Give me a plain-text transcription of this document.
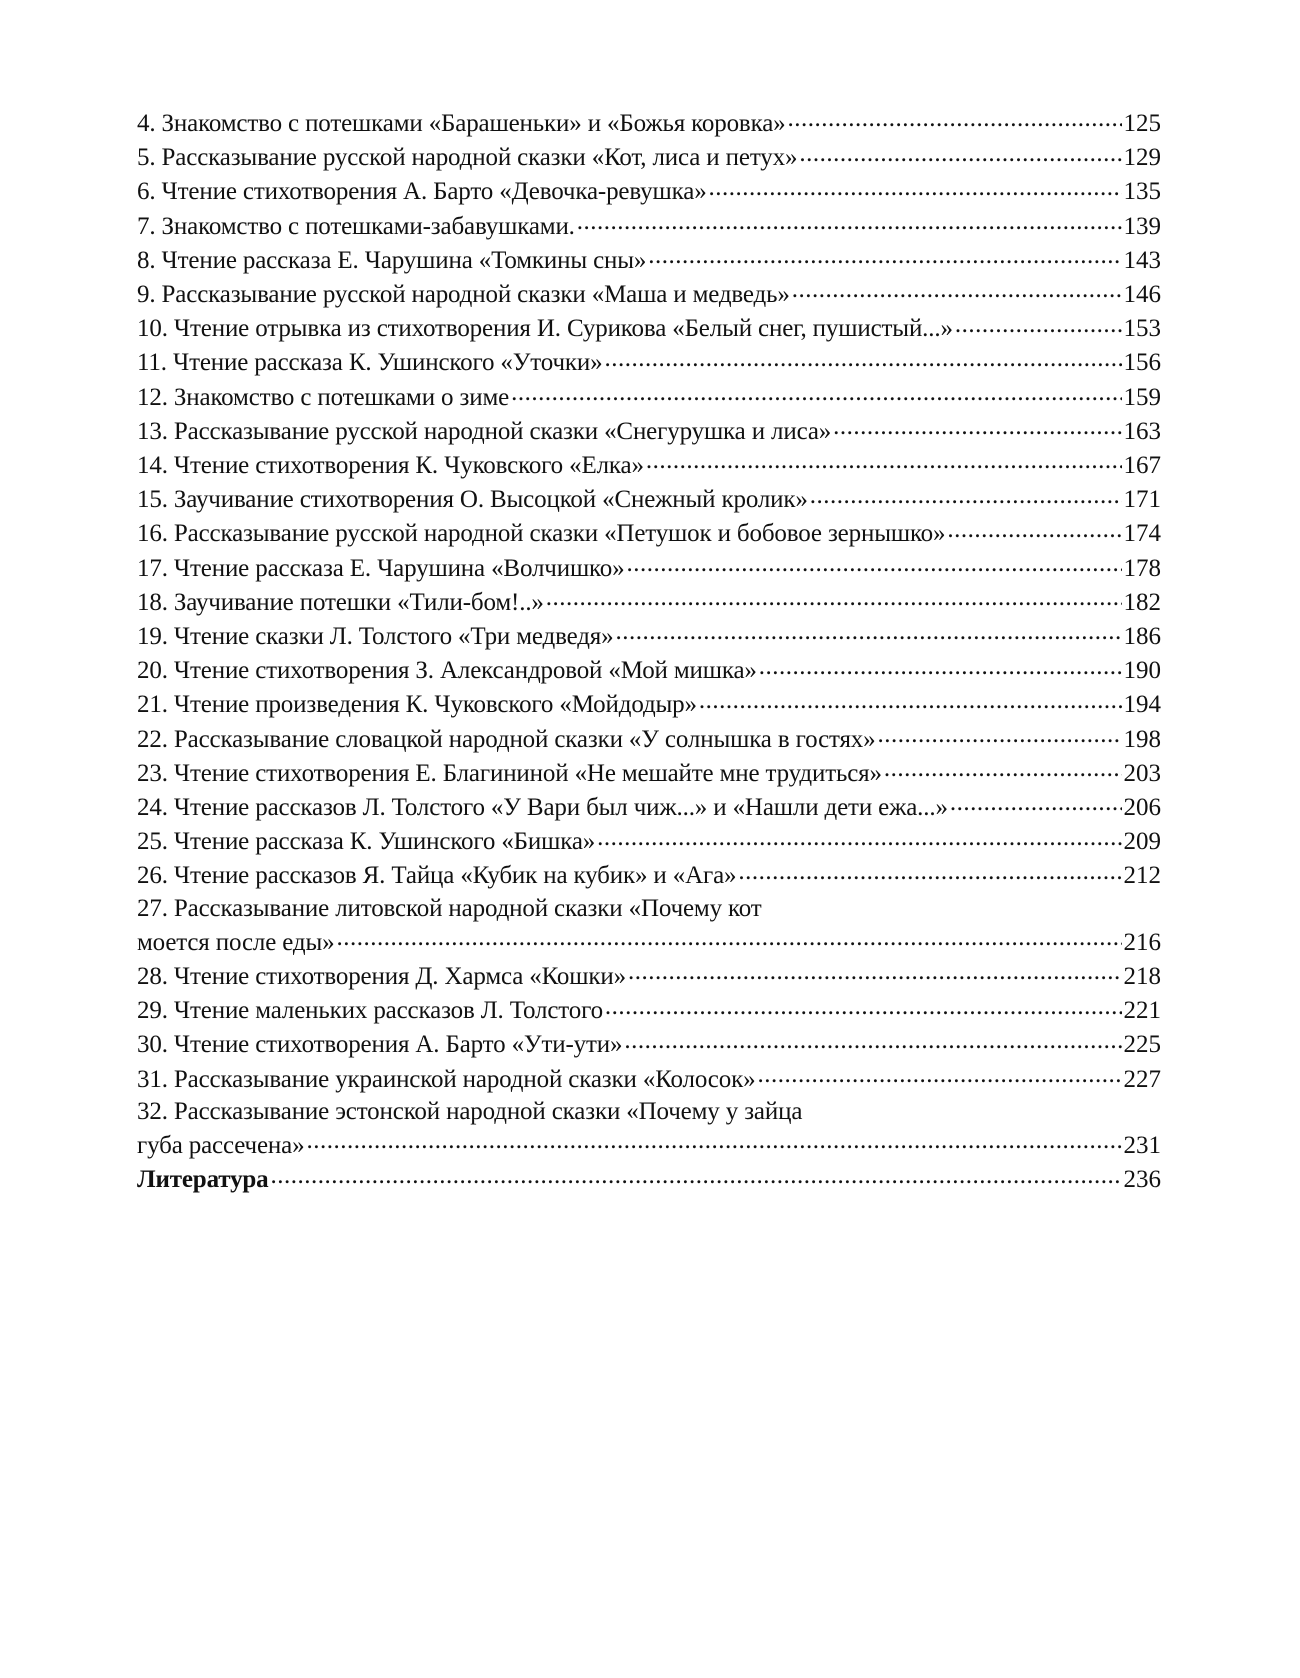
4. Знакомство с потешками «Барашеньки» и «Божья коровка» .....	125
5. Рассказывание русской народной сказки «Кот, лиса и петух» .....	129
6. Чтение стихотворения А. Барто «Девочка-ревушка» .....	135
7. Знакомство с потешками-забавушками. .....	139
8. Чтение рассказа Е. Чарушина «Томкины сны» .....	143
9. Рассказывание русской народной сказки «Маша и медведь» .....	146
10. Чтение отрывка из стихотворения И. Сурикова «Белый снег, пушистый...» .....	153
11. Чтение рассказа К. Ушинского «Уточки» .....	156
12. Знакомство с потешками о зиме .....	159
13. Рассказывание русской народной сказки «Снегурушка и лиса» .....	163
14. Чтение стихотворения К. Чуковского «Елка» .....	167
15. Заучивание стихотворения О. Высоцкой «Снежный кролик» .....	171
16. Рассказывание русской народной сказки «Петушок и бобовое зернышко» .....	174
17. Чтение рассказа Е. Чарушина «Волчишко» .....	178
18. Заучивание потешки «Тили-бом!..» .....	182
19. Чтение сказки Л. Толстого «Три медведя» .....	186
20. Чтение стихотворения З. Александровой «Мой мишка» .....	190
21. Чтение произведения К. Чуковского «Мойдодыр» .....	194
22. Рассказывание словацкой народной сказки «У солнышка в гостях» .....	198
23. Чтение стихотворения Е. Благининой «Не мешайте мне трудиться» .....	203
24. Чтение рассказов Л. Толстого «У Вари был чиж...» и «Нашли дети ежа...» .....	206
25. Чтение рассказа К. Ушинского «Бишка» .....	209
26. Чтение рассказов Я. Тайца «Кубик на кубик» и «Ага» .....	212
27. Рассказывание литовской народной сказки «Почему кот
моется после еды» .....	216
28. Чтение стихотворения Д. Хармса «Кошки» .....	218
29. Чтение маленьких рассказов Л. Толстого .....	221
30. Чтение стихотворения А. Барто «Ути-ути» .....	225
31. Рассказывание украинской народной сказки «Колосок» .....	227
32. Рассказывание эстонской народной сказки «Почему у зайца
губа рассечена» .....	231
Литература .....	236
